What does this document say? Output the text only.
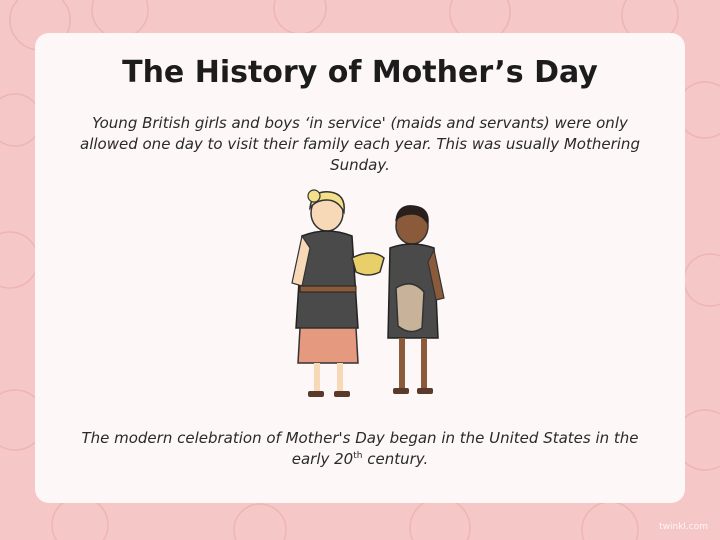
The History of Mother’s Day

Young British girls and boys ‘in service' (maids and servants) were only allowed one day to visit their family each year. This was usually Mothering Sunday.

The modern celebration of Mother's Day began in the United States in the early 20th century.

twinkl.com
